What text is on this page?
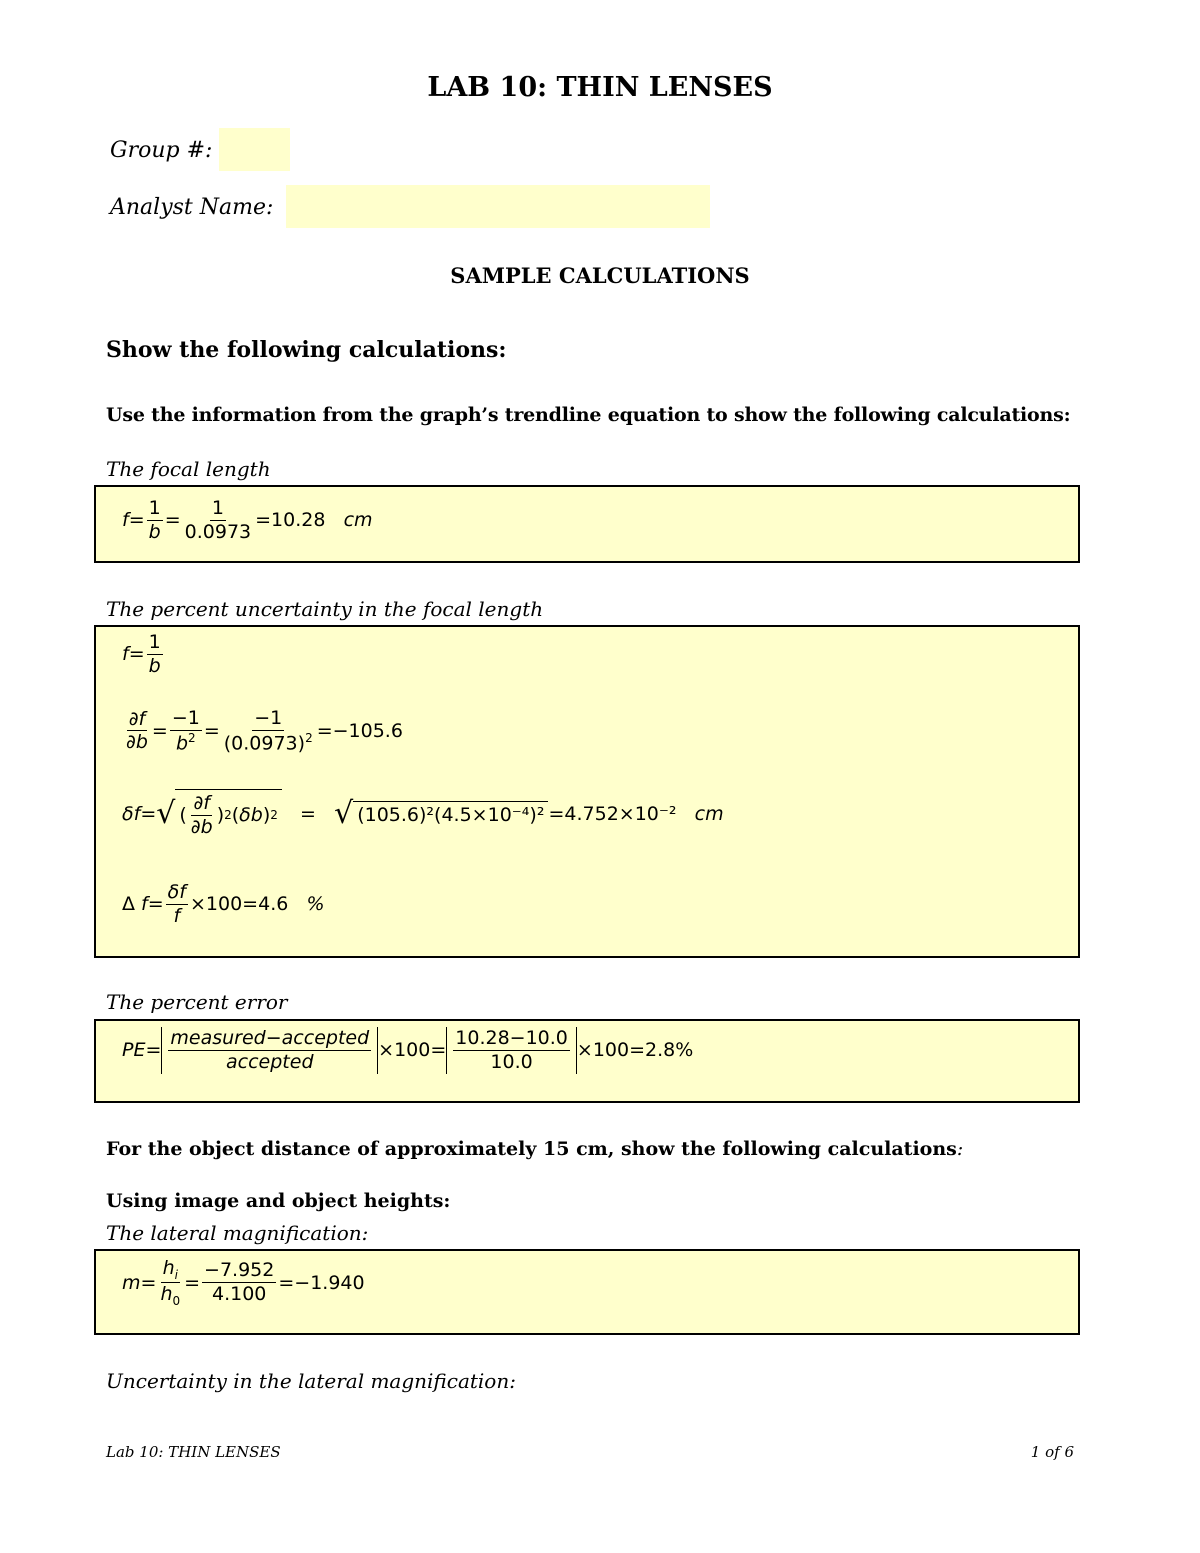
LAB 10: THIN LENSES
Group #:
Analyst Name:
SAMPLE CALCULATIONS
Show the following calculations:
Use the information from the graph’s trendline equation to show the following calculations:
The focal length
$f = \frac{1}{b} = \frac{1}{0.0973} = 10.28$
cm
The percent uncertainty in the focal length
$f = \frac{1}{b}$
$\frac{\partial f}{\partial b} = \frac{-1}{b^2} = \frac{-1}{(0.0973)^2} = -105.6$
δf = √ ( $\frac{\partial f}{\partial b}$ ) 2 ( δb ) 2 = √ (105.6)²(4.5×10⁻⁴)² = 4.752×10⁻²
cm
Δ $f = \frac{\delta f}{f} \times 100= 4.6$
%
The percent error
PE = $\frac{\text{measured−accepted}}{\text{accepted}} \times 100= \frac{10.28-10.0}{10.0} \times 100= 2.8\%$
For the object distance of approximately 15 cm, show the following calculations:
Using image and object heights:
The lateral magnification:
$m = \frac{h_i}{h_0} = \frac{-7.952}{4.100} = -1.940$
Uncertainty in the lateral magnification:
Lab 10: THIN LENSES	1 of 6
